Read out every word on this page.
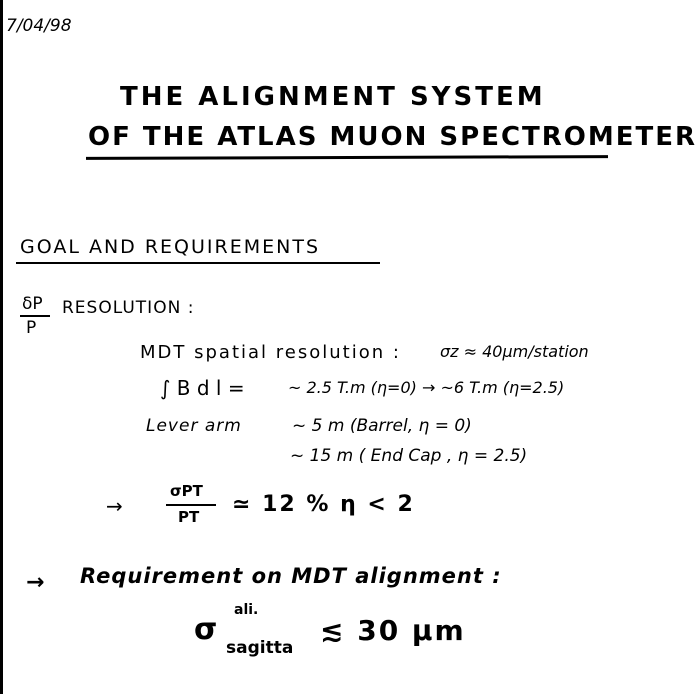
7/04/98
THE ALIGNMENT SYSTEM
OF THE ATLAS MUON SPECTROMETER
GOAL AND REQUIREMENTS
δP
P
RESOLUTION :
MDT spatial resolution : σz ≈ 40μm/station
∫ B d l =	~ 2.5 T.m (η=0) → ~6 T.m (η=2.5)
Lever arm	~ 5 m (Barrel, η = 0)
~ 15 m ( End Cap , η = 2.5)
→
σPT
PT ≃ 12 % η < 2
→ Requirement on MDT alignment :
σ
ali.
sagitta
≲ 30 μm
